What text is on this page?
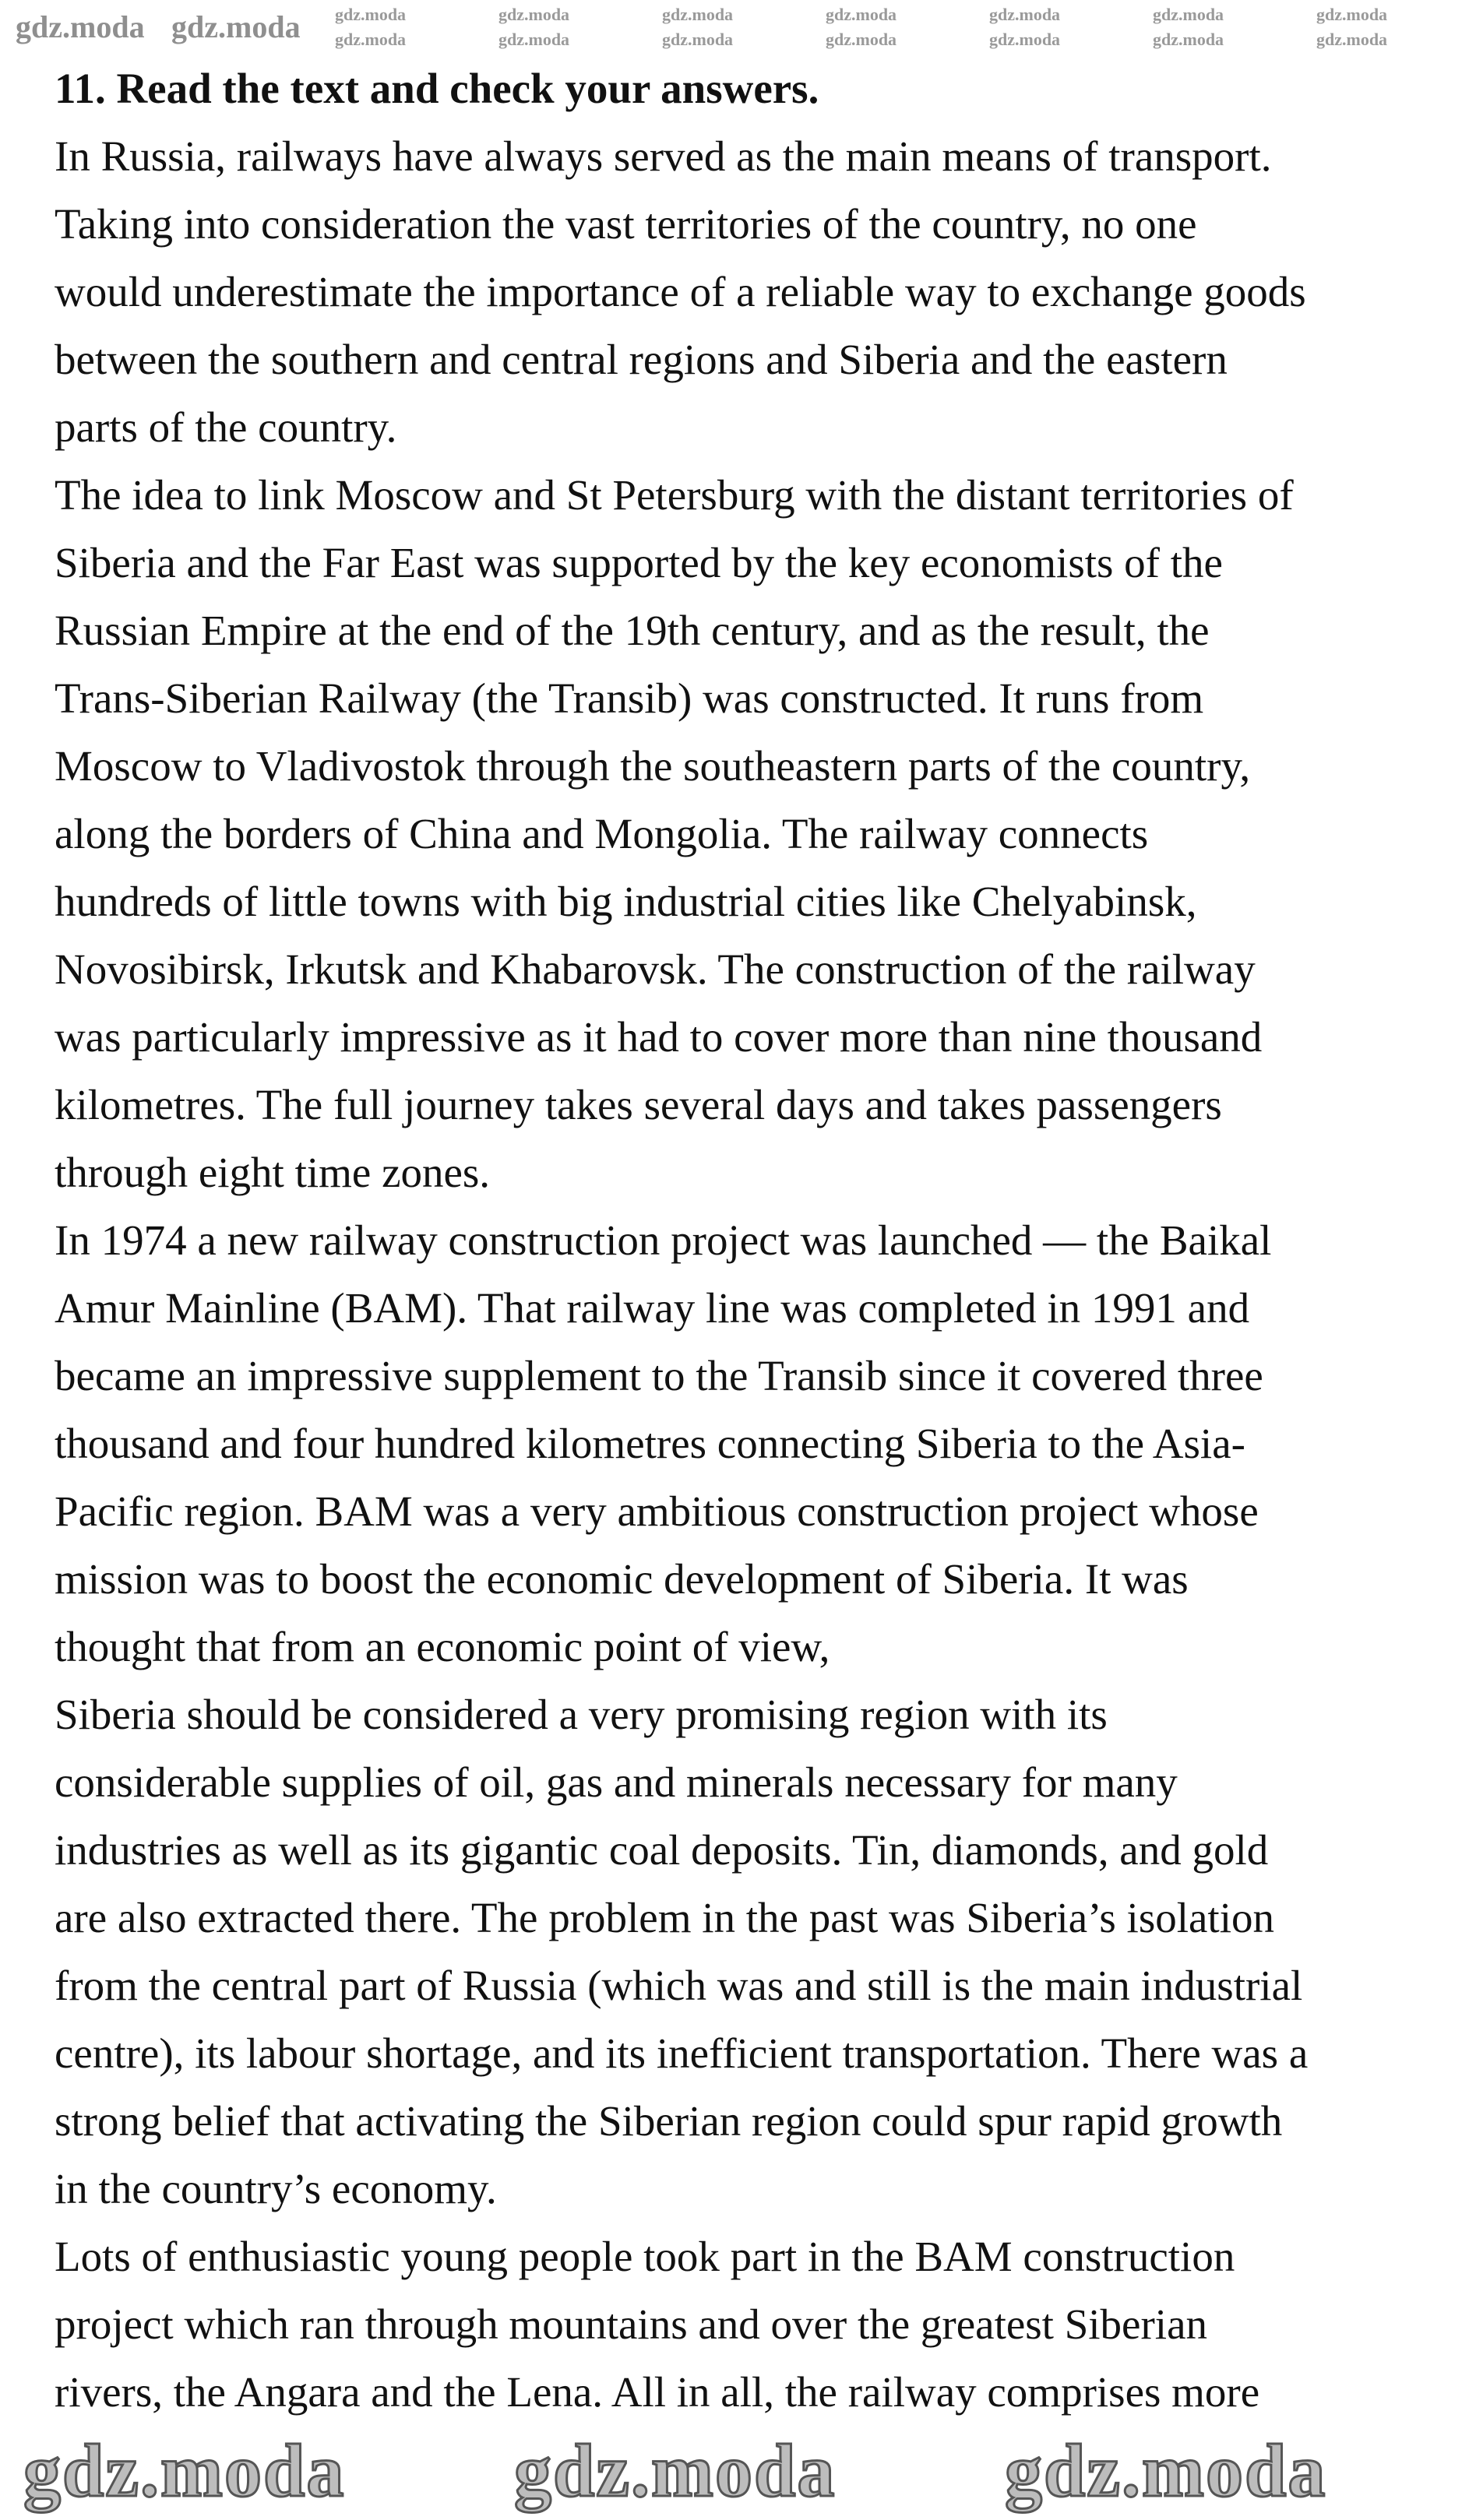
11. Read the text and check your answers.
In Russia, railways have always served as the main means of transport.
Taking into consideration the vast territories of the country, no one
would underestimate the importance of a reliable way to exchange goods
between the southern and central regions and Siberia and the eastern
parts of the country.
The idea to link Moscow and St Petersburg with the distant territories of
Siberia and the Far East was supported by the key economists of the
Russian Empire at the end of the 19th century, and as the result, the
Trans-Siberian Railway (the Transib) was constructed. It runs from
Moscow to Vladivostok through the southeastern parts of the country,
along the borders of China and Mongolia. The railway connects
hundreds of little towns with big industrial cities like Chelyabinsk,
Novosibirsk, Irkutsk and Khabarovsk. The construction of the railway
was particularly impressive as it had to cover more than nine thousand
kilometres. The full journey takes several days and takes passengers
through eight time zones.
In 1974 a new railway construction project was launched — the Baikal
Amur Mainline (BAM). That railway line was completed in 1991 and
became an impressive supplement to the Transib since it covered three
thousand and four hundred kilometres connecting Siberia to the Asia-
Pacific region. BAM was a very ambitious construction project whose
mission was to boost the economic development of Siberia. It was
thought that from an economic point of view,
Siberia should be considered a very promising region with its
considerable supplies of oil, gas and minerals necessary for many
industries as well as its gigantic coal deposits. Tin, diamonds, and gold
are also extracted there. The problem in the past was Siberia’s isolation
from the central part of Russia (which was and still is the main industrial
centre), its labour shortage, and its inefficient transportation. There was a
strong belief that activating the Siberian region could spur rapid growth
in the country’s economy.
Lots of enthusiastic young people took part in the BAM construction
project which ran through mountains and over the greatest Siberian
rivers, the Angara and the Lena. All in all, the railway comprises more
gdz.moda gdz.moda gdz.moda	gdz.moda	gdz.moda	gdz.moda	gdz.moda	gdz.moda	gdz.moda
gdz.moda	gdz.moda	gdz.moda	gdz.moda	gdz.moda	gdz.moda	gdz.moda
gdz.moda gdz.moda gdz.moda
